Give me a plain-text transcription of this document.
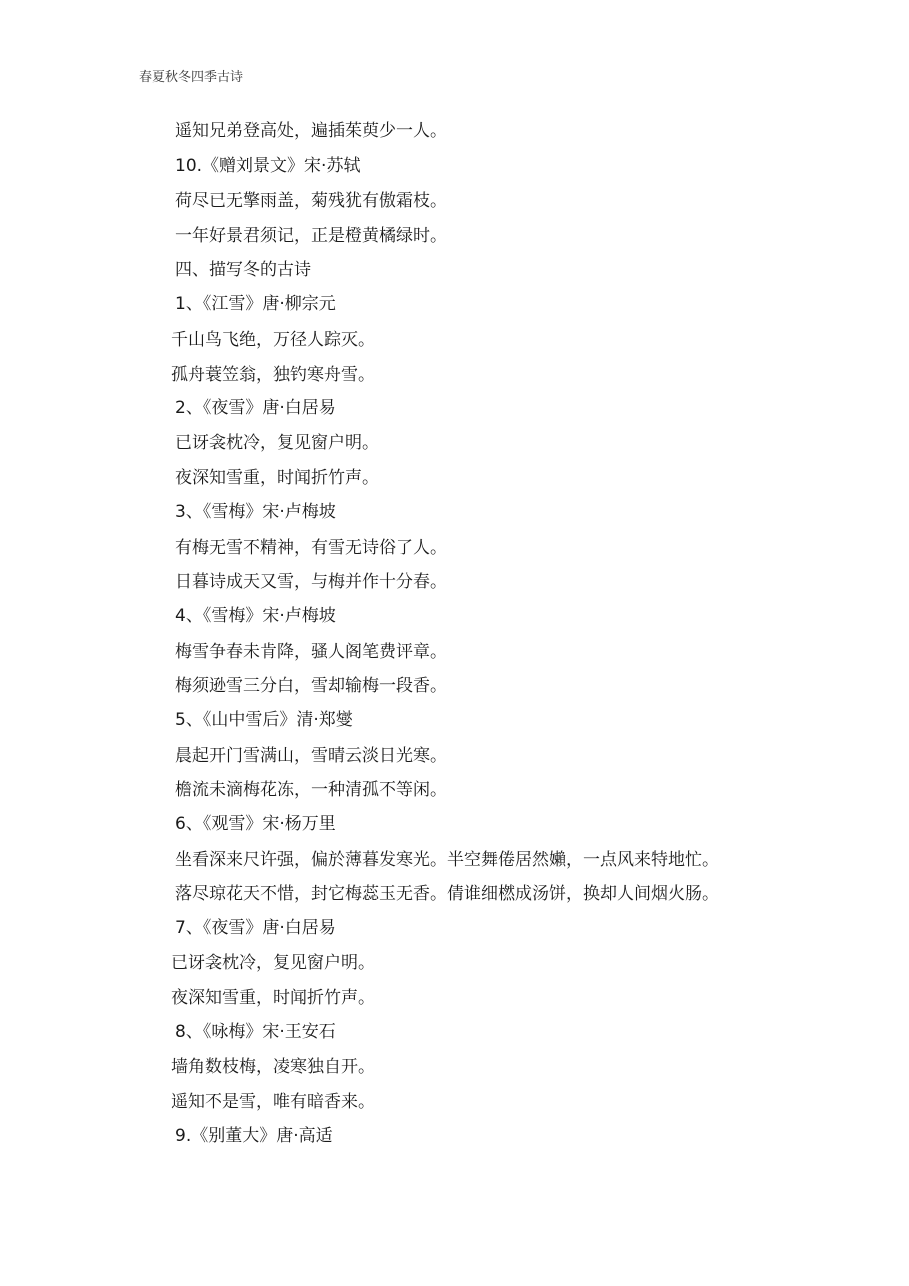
春夏秋冬四季古诗
遥知兄弟登高处，遍插茱萸少一人。
10.《赠刘景文》宋·苏轼
荷尽已无擎雨盖，菊残犹有傲霜枝。
一年好景君须记，正是橙黄橘绿时。
四、描写冬的古诗
1、《江雪》唐·柳宗元
千山鸟飞绝，万径人踪灭。
孤舟蓑笠翁，独钓寒舟雪。
2、《夜雪》唐·白居易
已讶衾枕冷，复见窗户明。
夜深知雪重，时闻折竹声。
3、《雪梅》宋·卢梅坡
有梅无雪不精神，有雪无诗俗了人。
日暮诗成天又雪，与梅并作十分春。
4、《雪梅》宋·卢梅坡
梅雪争春未肯降，骚人阁笔费评章。
梅须逊雪三分白，雪却输梅一段香。
5、《山中雪后》清·郑燮
晨起开门雪满山，雪晴云淡日光寒。
檐流未滴梅花冻，一种清孤不等闲。
6、《观雪》宋·杨万里
坐看深来尺许强，偏於薄暮发寒光。半空舞倦居然嬾，一点风来特地忙。
落尽琼花天不惜，封它梅蕊玉无香。倩谁细橪成汤饼，换却人间烟火肠。
7、《夜雪》唐·白居易
已讶衾枕冷，复见窗户明。
夜深知雪重，时闻折竹声。
8、《咏梅》宋·王安石
墙角数枝梅，凌寒独自开。
遥知不是雪，唯有暗香来。
9.《别董大》唐·高适
